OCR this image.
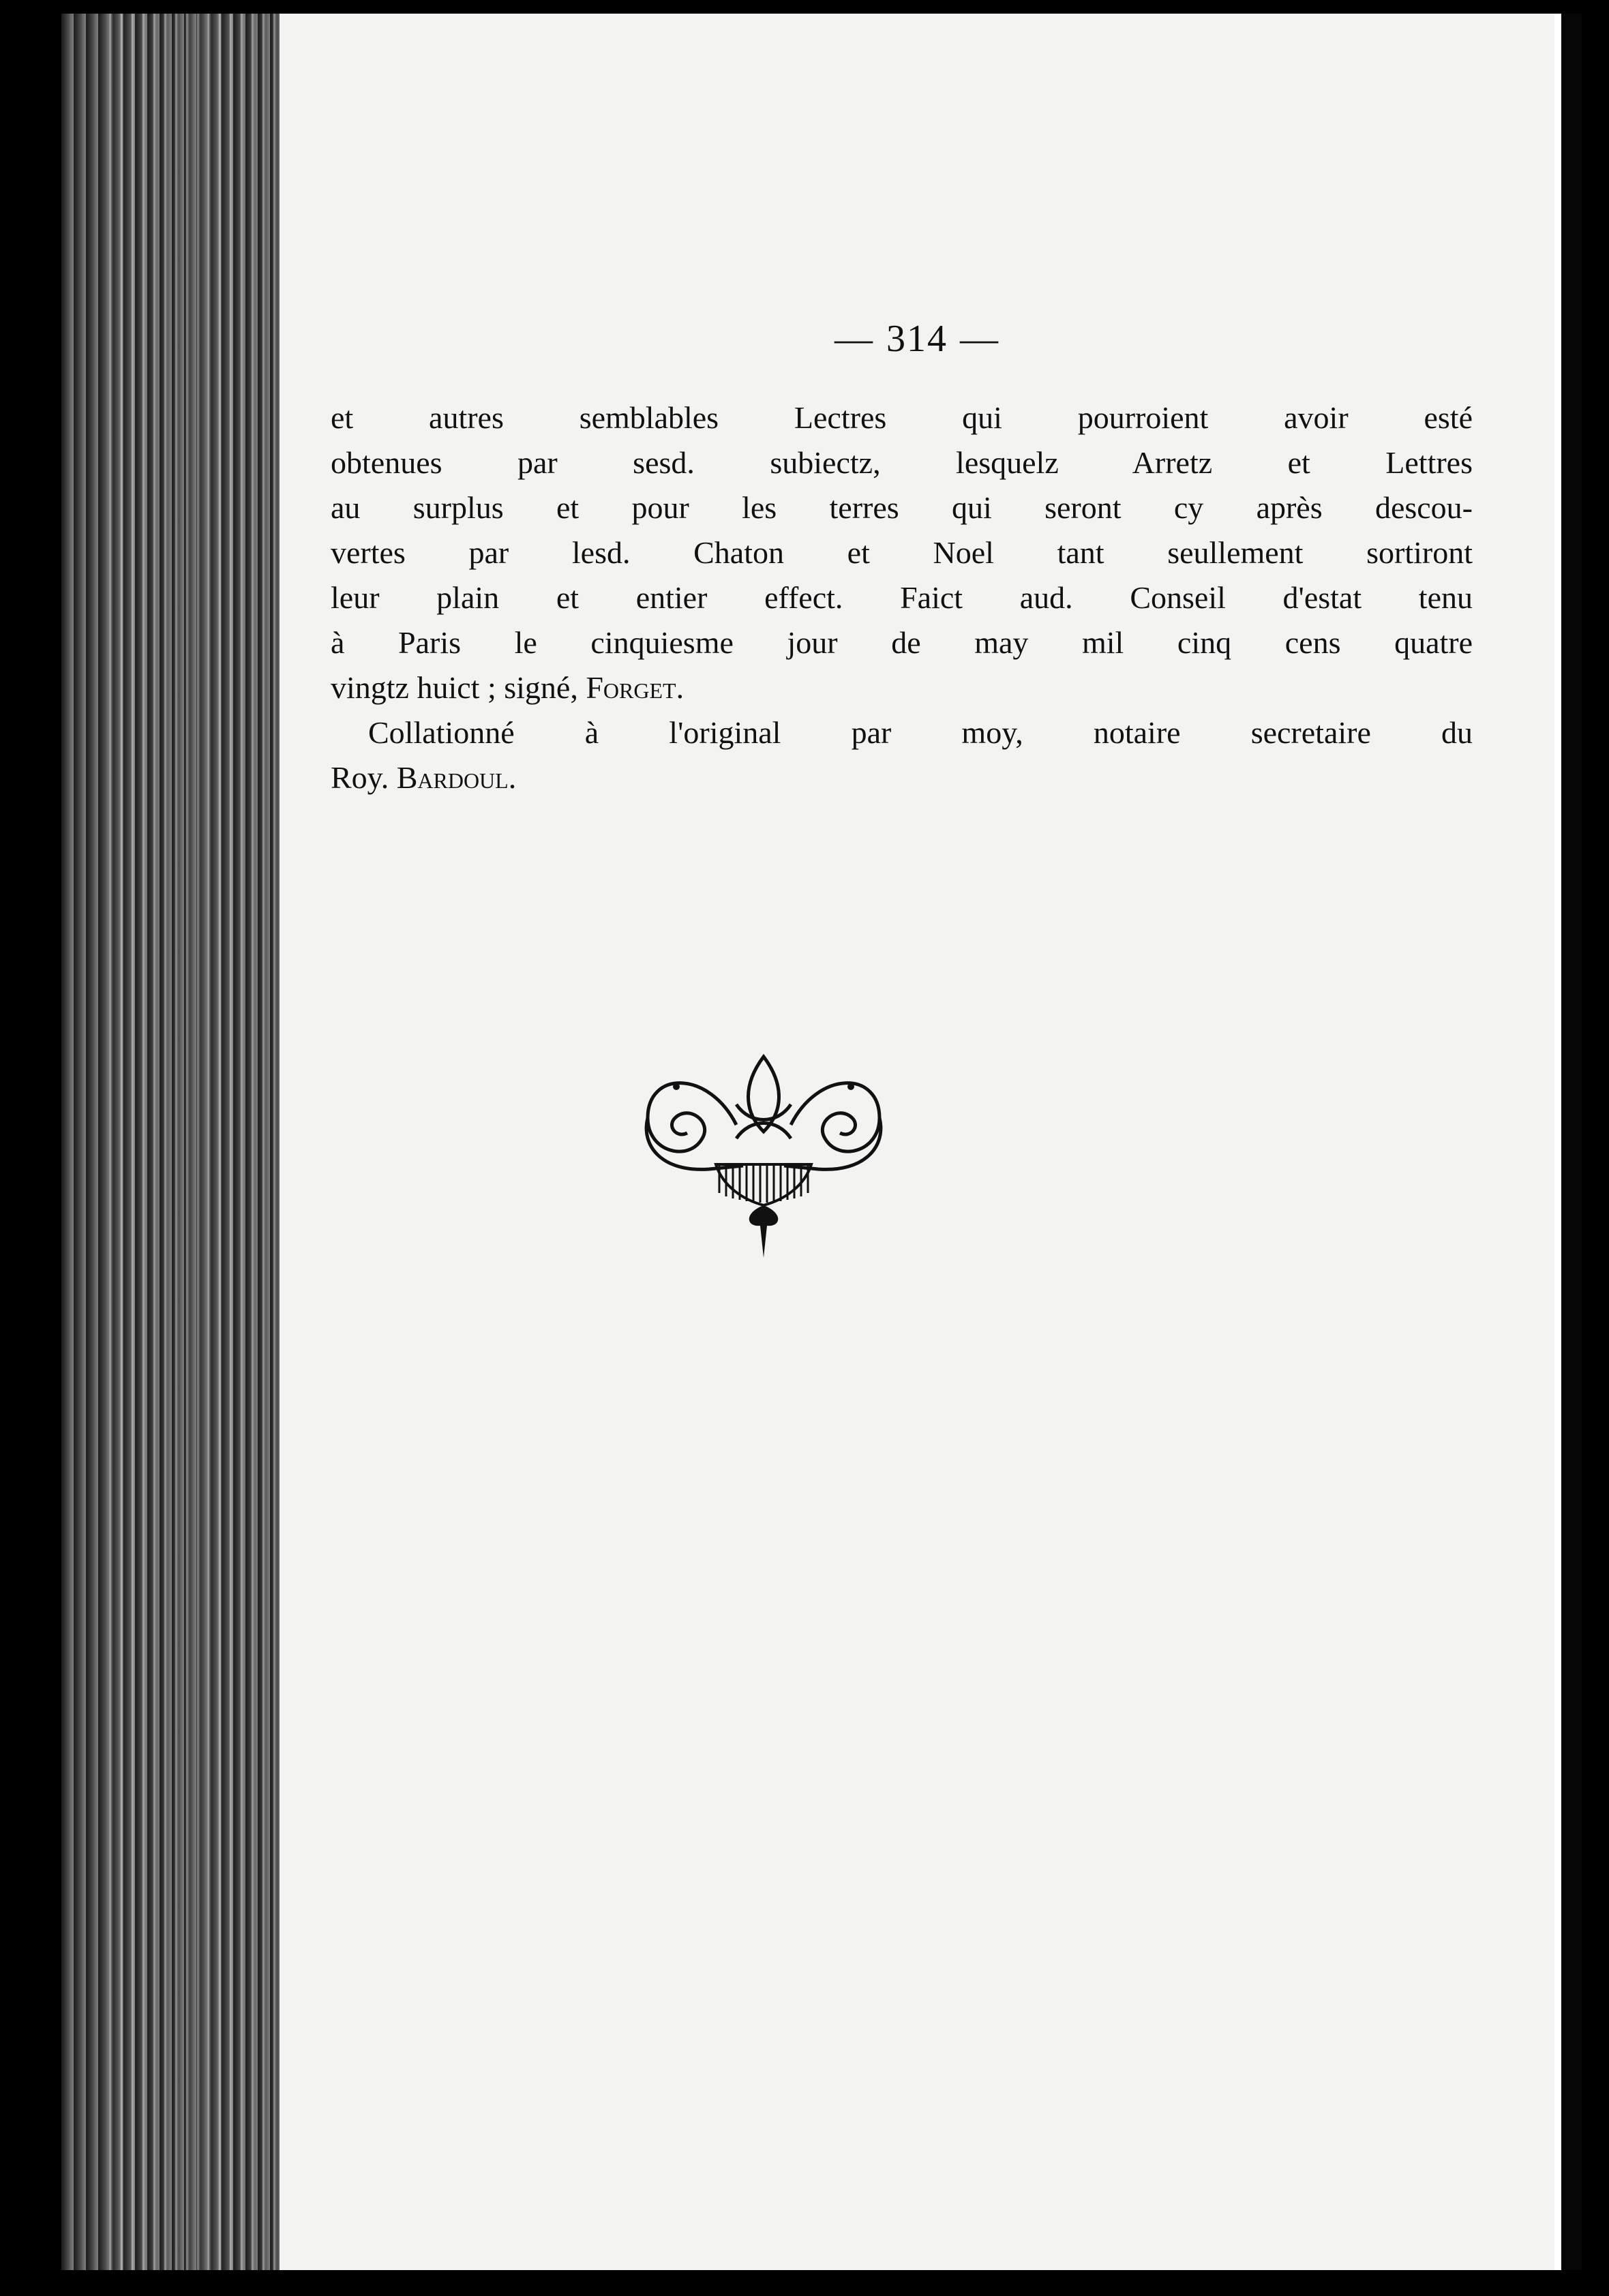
— 314 —
et autres semblables Lectres qui pourroient avoir esté
obtenues par sesd. subiectz, lesquelz Arretz et Lettres
au surplus et pour les terres qui seront cy après descou-
vertes par lesd. Chaton et Noel tant seullement sortiront
leur plain et entier effect. Faict aud. Conseil d'estat tenu
à Paris le cinquiesme jour de may mil cinq cens quatre
vingtz huict ; signé, Forget.
Collationné à l'original par moy, notaire secretaire du
Roy. Bardoul.
